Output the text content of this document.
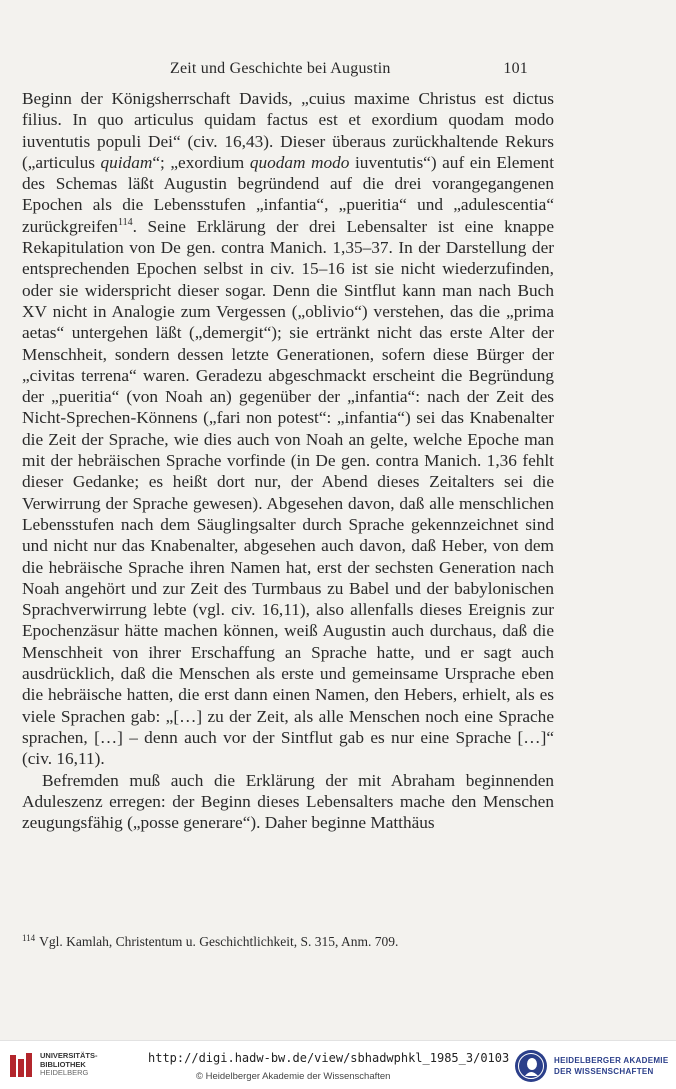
Zeit und Geschichte bei Augustin	101

Beginn der Königsherrschaft Davids, „cuius maxime Christus est dictus filius. In quo articulus quidam factus est et exordium quodam modo iuventutis populi Dei“ (civ. 16,43). Dieser überaus zurückhaltende Rekurs („articulus quidam“; „exordium quodam modo iuventutis“) auf ein Element des Schemas läßt Augustin begründend auf die drei vorangegangenen Epochen als die Lebensstufen „infantia“, „pueritia“ und „adulescentia“ zurückgreifen$^{114}$. Seine Erklärung der drei Lebensalter ist eine knappe Rekapitulation von De gen. contra Manich. 1,35–37. In der Darstellung der entsprechenden Epochen selbst in civ. 15–16 ist sie nicht wiederzufinden, oder sie widerspricht dieser sogar. Denn die Sintflut kann man nach Buch XV nicht in Analogie zum Vergessen („oblivio“) verstehen, das die „prima aetas“ untergehen läßt („demergit“); sie ertränkt nicht das erste Alter der Menschheit, sondern dessen letzte Generationen, sofern diese Bürger der „civitas terrena“ waren. Geradezu abgeschmackt erscheint die Begründung der „pueritia“ (von Noah an) gegenüber der „infantia“: nach der Zeit des Nicht-Sprechen-Könnens („fari non potest“: „infantia“) sei das Knabenalter die Zeit der Sprache, wie dies auch von Noah an gelte, welche Epoche man mit der hebräischen Sprache vorfinde (in De gen. contra Manich. 1,36 fehlt dieser Gedanke; es heißt dort nur, der Abend dieses Zeitalters sei die Verwirrung der Sprache gewesen). Abgesehen davon, daß alle menschlichen Lebensstufen nach dem Säuglingsalter durch Sprache gekennzeichnet sind und nicht nur das Knabenalter, abgesehen auch davon, daß Heber, von dem die hebräische Sprache ihren Namen hat, erst der sechsten Generation nach Noah angehört und zur Zeit des Turmbaus zu Babel und der babylonischen Sprachverwirrung lebte (vgl. civ. 16,11), also allenfalls dieses Ereignis zur Epochenzäsur hätte machen können, weiß Augustin auch durchaus, daß die Menschheit von ihrer Erschaffung an Sprache hatte, und er sagt auch ausdrücklich, daß die Menschen als erste und gemeinsame Ursprache eben die hebräische hatten, die erst dann einen Namen, den Hebers, erhielt, als es viele Sprachen gab: „[…] zu der Zeit, als alle Menschen noch eine Sprache sprachen, […] – denn auch vor der Sintflut gab es nur eine Sprache […]“ (civ. 16,11).

Befremden muß auch die Erklärung der mit Abraham beginnenden Aduleszenz erregen: der Beginn dieses Lebensalters mache den Menschen zeugungsfähig („posse generare“). Daher beginne Matthäus

$^{114}$ Vgl. Kamlah, Christentum u. Geschichtlichkeit, S. 315, Anm. 709.
UNIVERSITÄTS-
BIBLIOTHEK
HEIDELBERG
http://digi.hadw-bw.de/view/sbhadwphkl_1985_3/0103
© Heidelberger Akademie der Wissenschaften
HEIDELBERGER AKADEMIE
DER WISSENSCHAFTEN
